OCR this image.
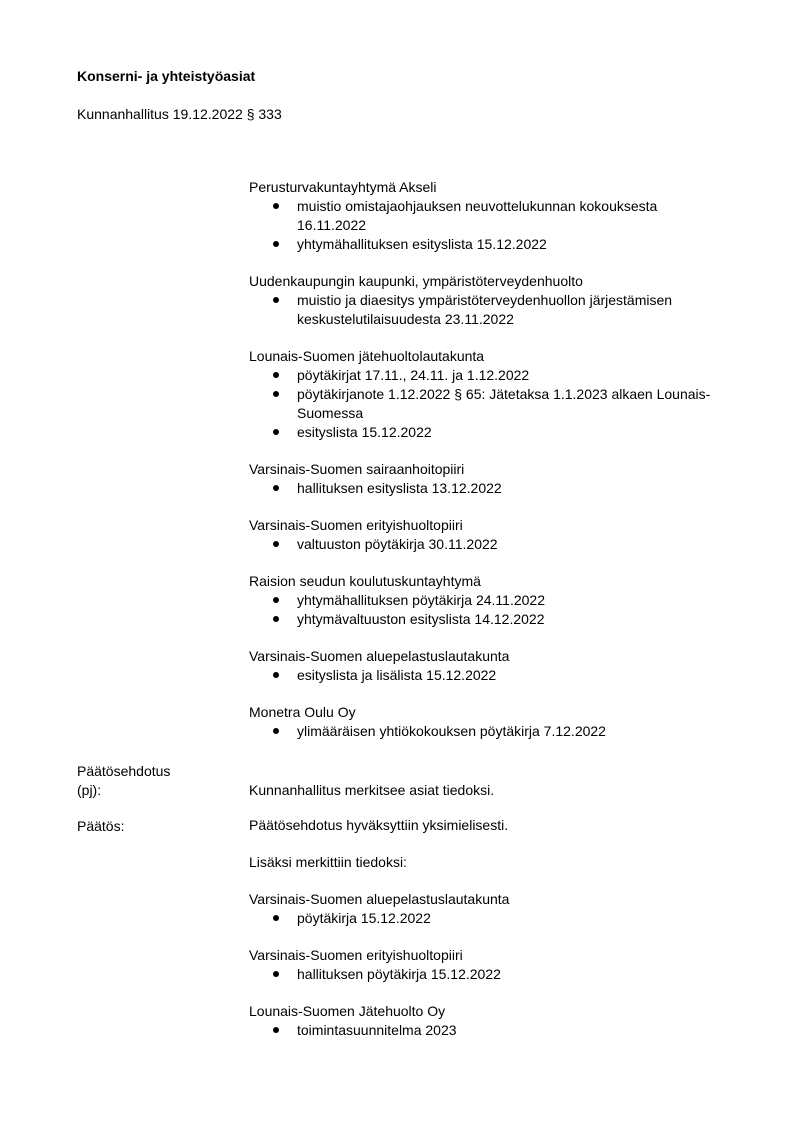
Konserni- ja yhteistyöasiat
Kunnanhallitus 19.12.2022 § 333
Perusturvakuntayhtymä Akseli
muistio omistajaohjauksen neuvottelukunnan kokouksesta 16.11.2022
yhtymähallituksen esityslista 15.12.2022
Uudenkaupungin kaupunki, ympäristöterveydenhuolto
muistio ja diaesitys ympäristöterveydenhuollon järjestämisen keskustelutilaisuudesta 23.11.2022
Lounais-Suomen jätehuoltolautakunta
pöytäkirjat 17.11., 24.11. ja 1.12.2022
pöytäkirjanote 1.12.2022 § 65: Jätetaksa 1.1.2023 alkaen Lounais-Suomessa
esityslista 15.12.2022
Varsinais-Suomen sairaanhoitopiiri
hallituksen esityslista 13.12.2022
Varsinais-Suomen erityishuoltopiiri
valtuuston pöytäkirja 30.11.2022
Raision seudun koulutuskuntayhtymä
yhtymähallituksen pöytäkirja 24.11.2022
yhtymävaltuuston esityslista 14.12.2022
Varsinais-Suomen aluepelastuslautakunta
esityslista ja lisälista 15.12.2022
Monetra Oulu Oy
ylimääräisen yhtiökokouksen pöytäkirja 7.12.2022
Päätösehdotus
(pj):	Kunnanhallitus merkitsee asiat tiedoksi.
Päätös:	Päätösehdotus hyväksyttiin yksimielisesti.
Lisäksi merkittiin tiedoksi:
Varsinais-Suomen aluepelastuslautakunta
pöytäkirja 15.12.2022
Varsinais-Suomen erityishuoltopiiri
hallituksen pöytäkirja 15.12.2022
Lounais-Suomen Jätehuolto Oy
toimintasuunnitelma 2023
